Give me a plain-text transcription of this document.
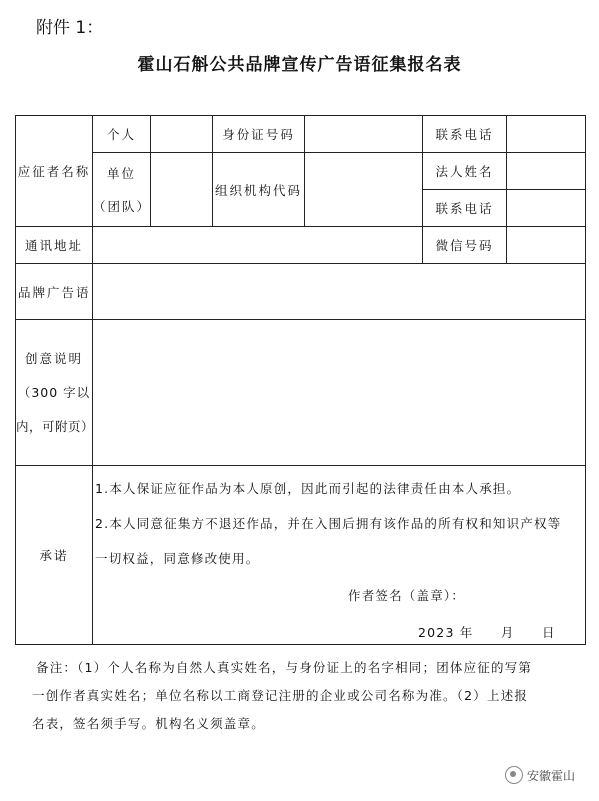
附件 1：
霍山石斛公共品牌宣传广告语征集报名表
应征者名称	个人		身份证号码		联系电话	

	单位
（团队）		组织机构代码		法人姓名	
					联系电话	
通讯地址					微信号码	
品牌广告语						

创意说明
（300 字以
内，可附页）						

承诺	1.本人保证应征作品为本人原创，因此而引起的法律责任由本人承担。
2.本人同意征集方不退还作品，并在入围后拥有该作品的所有权和知识产权等
一切权益，同意修改使用。
作者签名（盖章）：
2023 年　　月　　日					
备注：（1）个人名称为自然人真实姓名，与身份证上的名字相同；团体应征的写第
一创作者真实姓名；单位名称以工商登记注册的企业或公司名称为准。（2）上述报
名表，签名须手写。机构名义须盖章。
安徽霍山
